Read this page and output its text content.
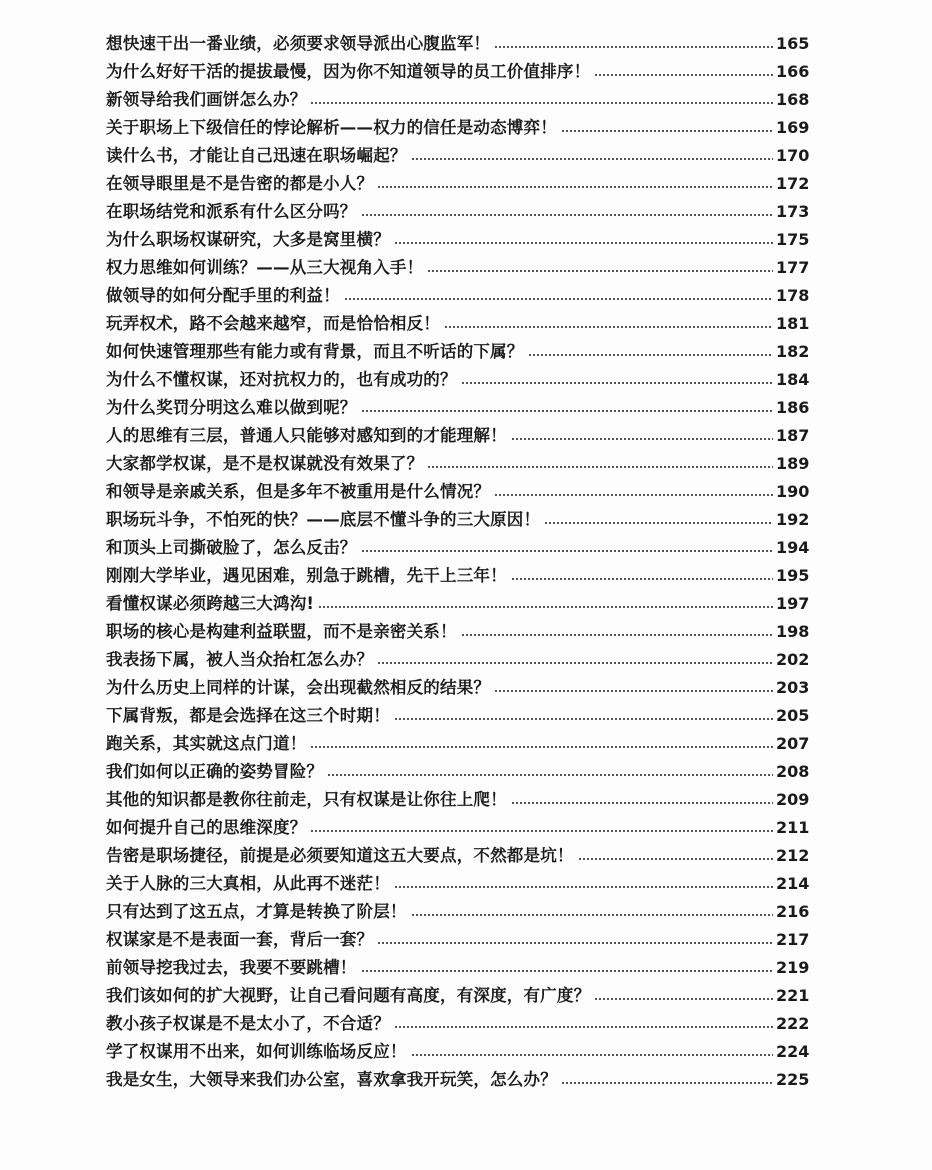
想快速干出一番业绩，必须要求领导派出心腹监军！	165
为什么好好干活的提拔最慢，因为你不知道领导的员工价值排序！	166
新领导给我们画饼怎么办？	168
关于职场上下级信任的悖论解析——权力的信任是动态博弈！	169
读什么书，才能让自己迅速在职场崛起？	170
在领导眼里是不是告密的都是小人？	172
在职场结党和派系有什么区分吗？	173
为什么职场权谋研究，大多是窝里横？	175
权力思维如何训练？——从三大视角入手！	177
做领导的如何分配手里的利益！	178
玩弄权术，路不会越来越窄，而是恰恰相反！	181
如何快速管理那些有能力或有背景，而且不听话的下属？	182
为什么不懂权谋，还对抗权力的，也有成功的？	184
为什么奖罚分明这么难以做到呢？	186
人的思维有三层，普通人只能够对感知到的才能理解！	187
大家都学权谋，是不是权谋就没有效果了？	189
和领导是亲戚关系，但是多年不被重用是什么情况？	190
职场玩斗争，不怕死的快？——底层不懂斗争的三大原因！	192
和顶头上司撕破脸了，怎么反击？	194
刚刚大学毕业，遇见困难，别急于跳槽，先干上三年！	195
看懂权谋必须跨越三大鸿沟!	197
职场的核心是构建利益联盟，而不是亲密关系！	198
我表扬下属，被人当众抬杠怎么办？	202
为什么历史上同样的计谋，会出现截然相反的结果？	203
下属背叛，都是会选择在这三个时期！	205
跑关系，其实就这点门道！	207
我们如何以正确的姿势冒险？	208
其他的知识都是教你往前走，只有权谋是让你往上爬！	209
如何提升自己的思维深度？	211
告密是职场捷径，前提是必须要知道这五大要点，不然都是坑！	212
关于人脉的三大真相，从此再不迷茫！	214
只有达到了这五点，才算是转换了阶层！	216
权谋家是不是表面一套，背后一套？	217
前领导挖我过去，我要不要跳槽！	219
我们该如何的扩大视野，让自己看问题有高度，有深度，有广度？	221
教小孩子权谋是不是太小了，不合适？	222
学了权谋用不出来，如何训练临场反应！	224
我是女生，大领导来我们办公室，喜欢拿我开玩笑，怎么办？	225
